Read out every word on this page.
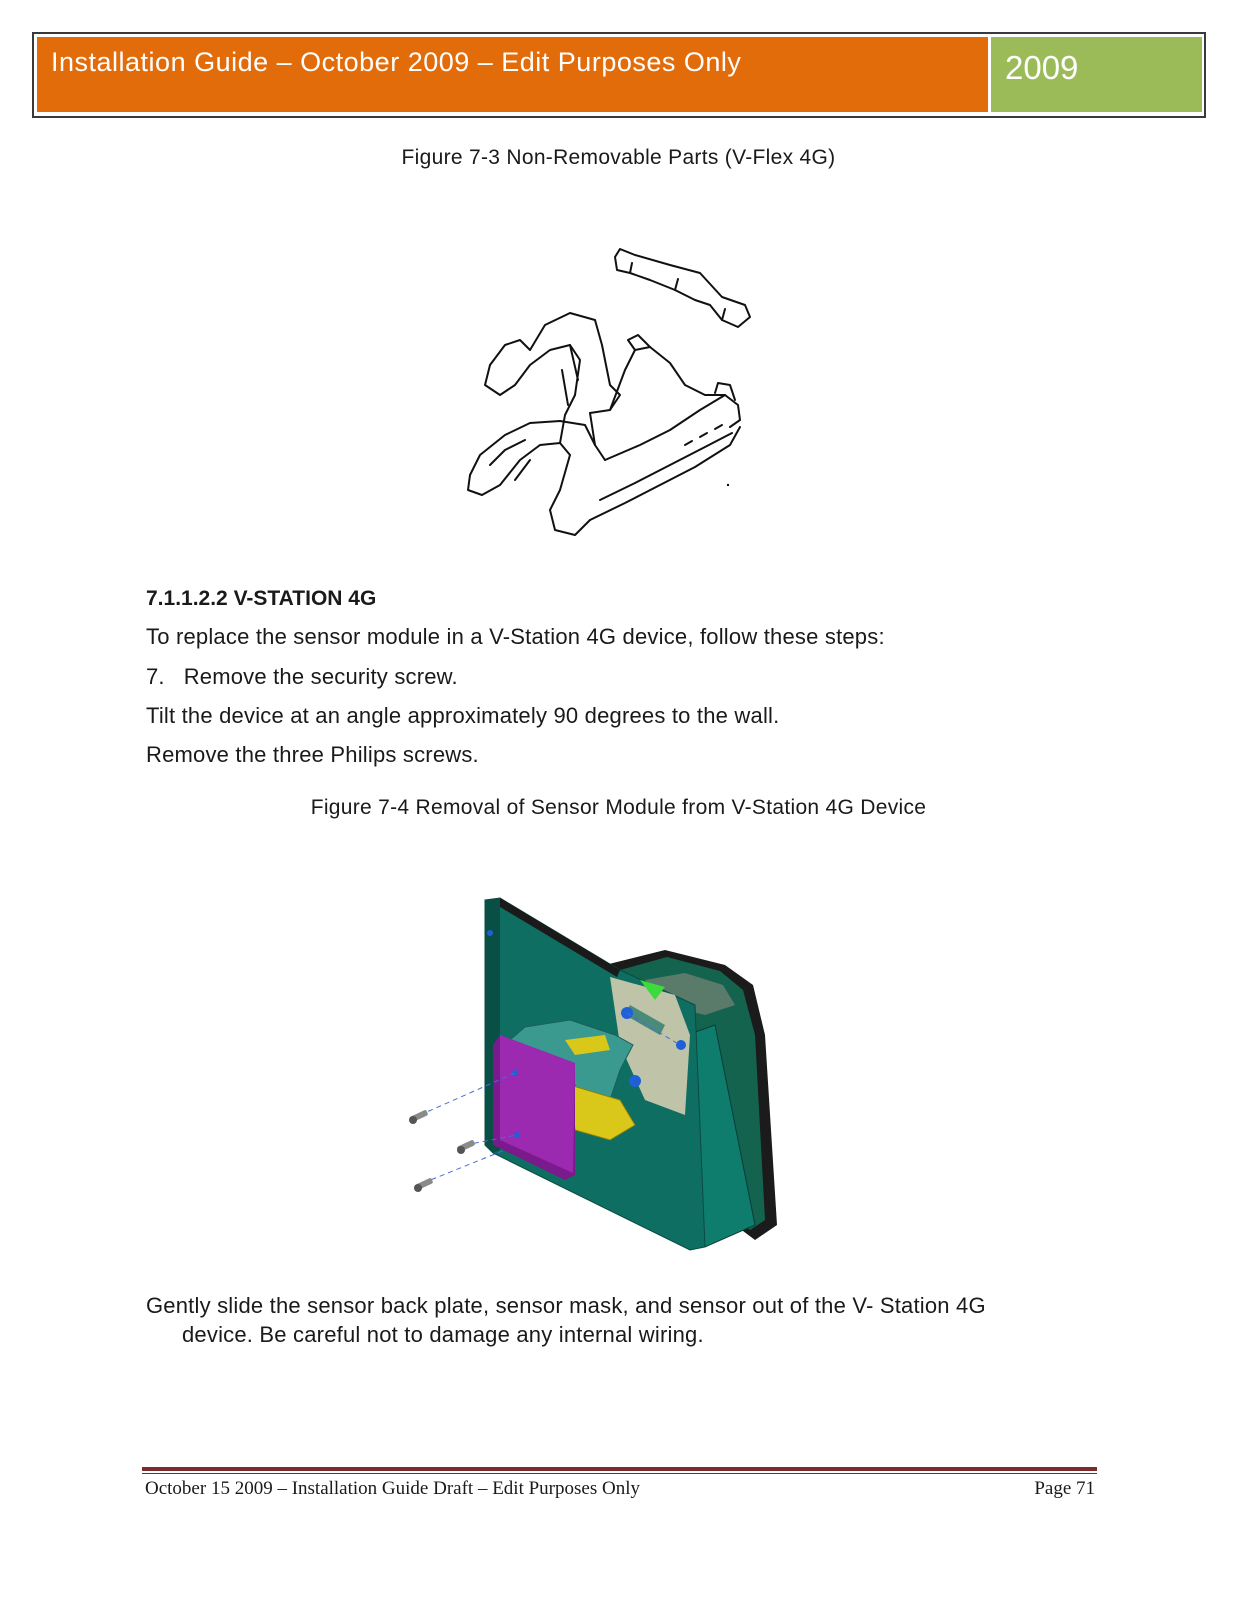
Installation Guide – October 2009 – Edit Purposes Only	2009
Figure 7-3 Non-Removable Parts (V-Flex 4G)
7.1.1.2.2 V-STATION 4G
To replace the sensor module in a V-Station 4G device, follow these steps:
7. Remove the security screw.
Tilt the device at an angle approximately 90 degrees to the wall.
Remove the three Philips screws.
Figure 7-4 Removal of Sensor Module from V-Station 4G Device
Gently slide the sensor back plate, sensor mask, and sensor out of the V- Station 4G
device. Be careful not to damage any internal wiring.
October 15 2009 – Installation Guide Draft – Edit Purposes Only	Page 71
